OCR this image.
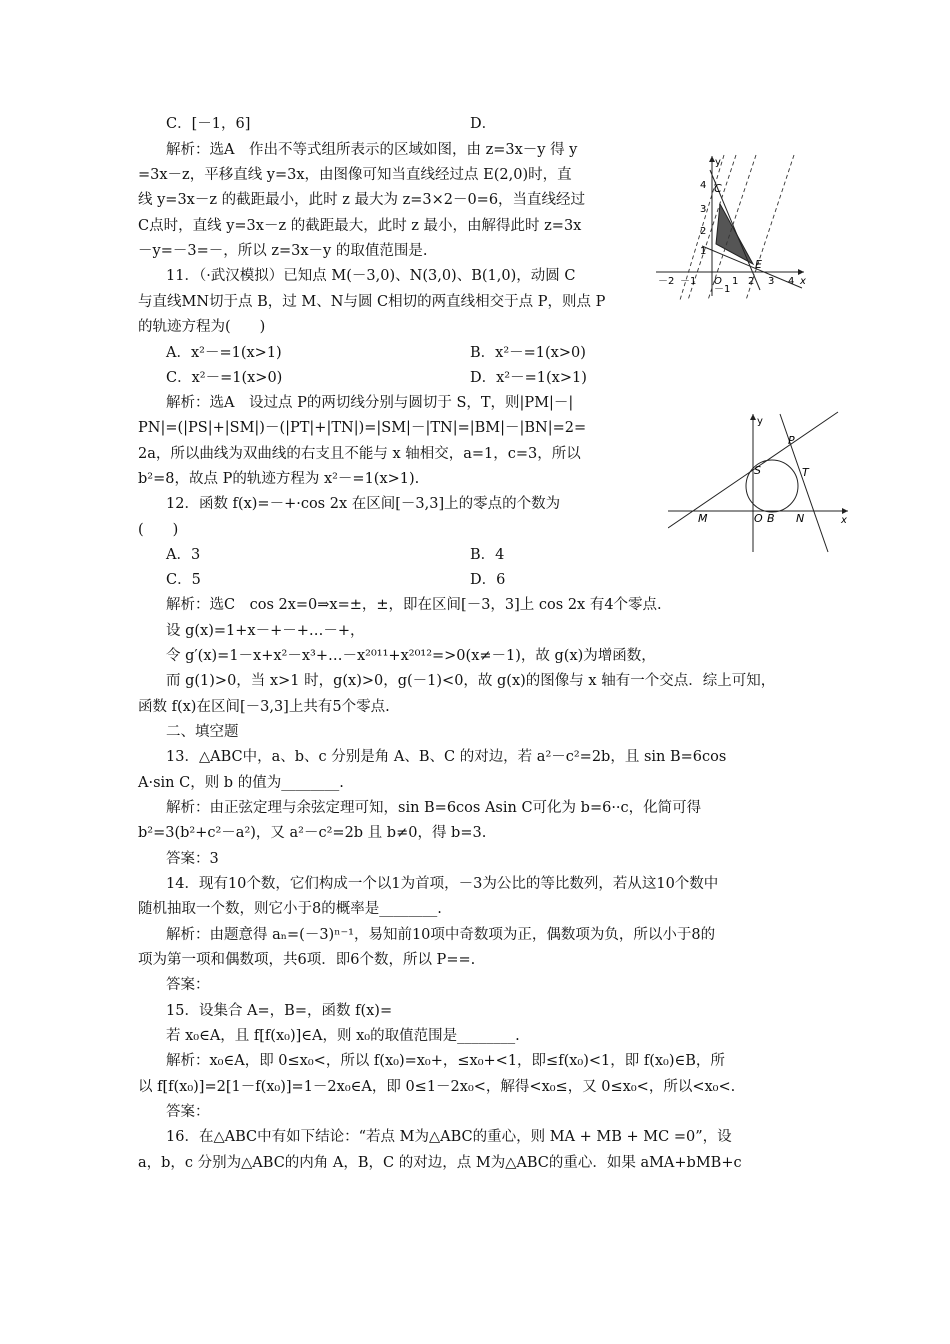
C．[－1，6]	D．
解析：选A　作出不等式组所表示的区域如图，由 z=3x－y 得 y
=3x－z，平移直线 y=3x，由图像可知当直线经过点 E(2,0)时，直
线 y=3x－z 的截距最小，此时 z 最大为 z=3×2－0=6，当直线经过
C点时，直线 y=3x－z 的截距最大，此时 z 最小，由解得此时 z=3x
－y=－3=－，所以 z=3x－y 的取值范围是.
11．（·武汉模拟）已知点 M(－3,0)、N(3,0)、B(1,0)，动圆 C
与直线MN切于点 B，过 M、N与圆 C相切的两直线相交于点 P，则点 P
的轨迹方程为(　　)
A．x²－=1(x>1)	B．x²－=1(x>0)
C．x²－=1(x>0)	D．x²－=1(x>1)
解析：选A　设过点 P的两切线分别与圆切于 S，T，则|PM|－|
PN|=(|PS|+|SM|)－(|PT|+|TN|)=|SM|－|TN|=|BM|－|BN|=2=
2a，所以曲线为双曲线的右支且不能与 x 轴相交，a=1，c=3，所以
b²=8，故点 P的轨迹方程为 x²－=1(x>1).
12．函数 f(x)=－+·cos 2x 在区间[－3,3]上的零点的个数为
(　　)
A．3	B．4
C．5	D．6
解析：选C　cos 2x=0⇒x=±，±，即在区间[－3，3]上 cos 2x 有4个零点.
设 g(x)=1+x－+－+…－+，
令 g′(x)=1－x+x²－x³+…－x²⁰¹¹+x²⁰¹²=>0(x≠－1)，故 g(x)为增函数，
而 g(1)>0，当 x>1 时，g(x)>0，g(－1)<0，故 g(x)的图像与 x 轴有一个交点．综上可知，
函数 f(x)在区间[－3,3]上共有5个零点.
二、填空题
13．△ABC中，a、b、c 分别是角 A、B、C 的对边，若 a²－c²=2b，且 sin B=6cos
A·sin C，则 b 的值为________.
解析：由正弦定理与余弦定理可知，sin B=6cos Asin C可化为 b=6··c，化简可得
b²=3(b²+c²－a²)，又 a²－c²=2b 且 b≠0，得 b=3.
答案：3
14．现有10个数，它们构成一个以1为首项，－3为公比的等比数列，若从这10个数中
随机抽取一个数，则它小于8的概率是________.
解析：由题意得 aₙ=(－3)ⁿ⁻¹，易知前10项中奇数项为正，偶数项为负，所以小于8的
项为第一项和偶数项，共6项．即6个数，所以 P==.
答案：
15．设集合 A=，B=，函数 f(x)=
若 x₀∈A，且 f[f(x₀)]∈A，则 x₀的取值范围是________.
解析：x₀∈A，即 0≤x₀<，所以 f(x₀)=x₀+，≤x₀+<1，即≤f(x₀)<1，即 f(x₀)∈B，所
以 f[f(x₀)]=2[1－f(x₀)]=1－2x₀∈A，即 0≤1－2x₀<，解得<x₀≤，又 0≤x₀<，所以<x₀<.
答案：
16．在△ABC中有如下结论：“若点 M为△ABC的重心，则 MA + MB + MC =0”，设
a，b，c 分别为△ABC的内角 A，B，C 的对边，点 M为△ABC的重心．如果 aMA+bMB+c
y
x
C
E
4
3
2
1
－1
－2 －1 O 1 2 3 4
y
x
P
S	T
M	O B N
